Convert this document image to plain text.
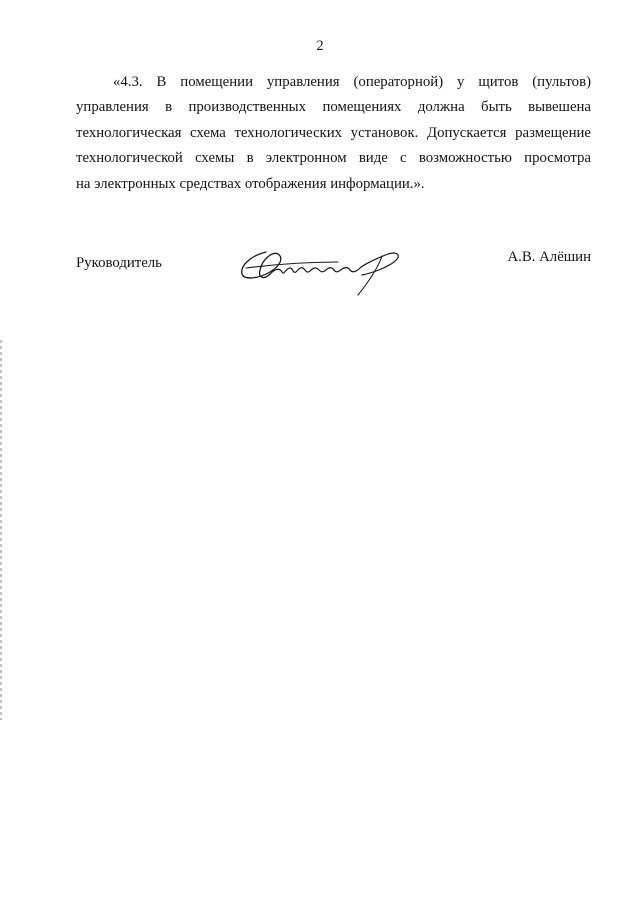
2
«4.3. В помещении управления (операторной) у щитов (пультов)
управления в производственных помещениях должна быть вывешена
технологическая схема технологических установок. Допускается размещение
технологической схемы в электронном виде с возможностью просмотра
на электронных средствах отображения информации.».
Руководитель	А.В. Алёшин
